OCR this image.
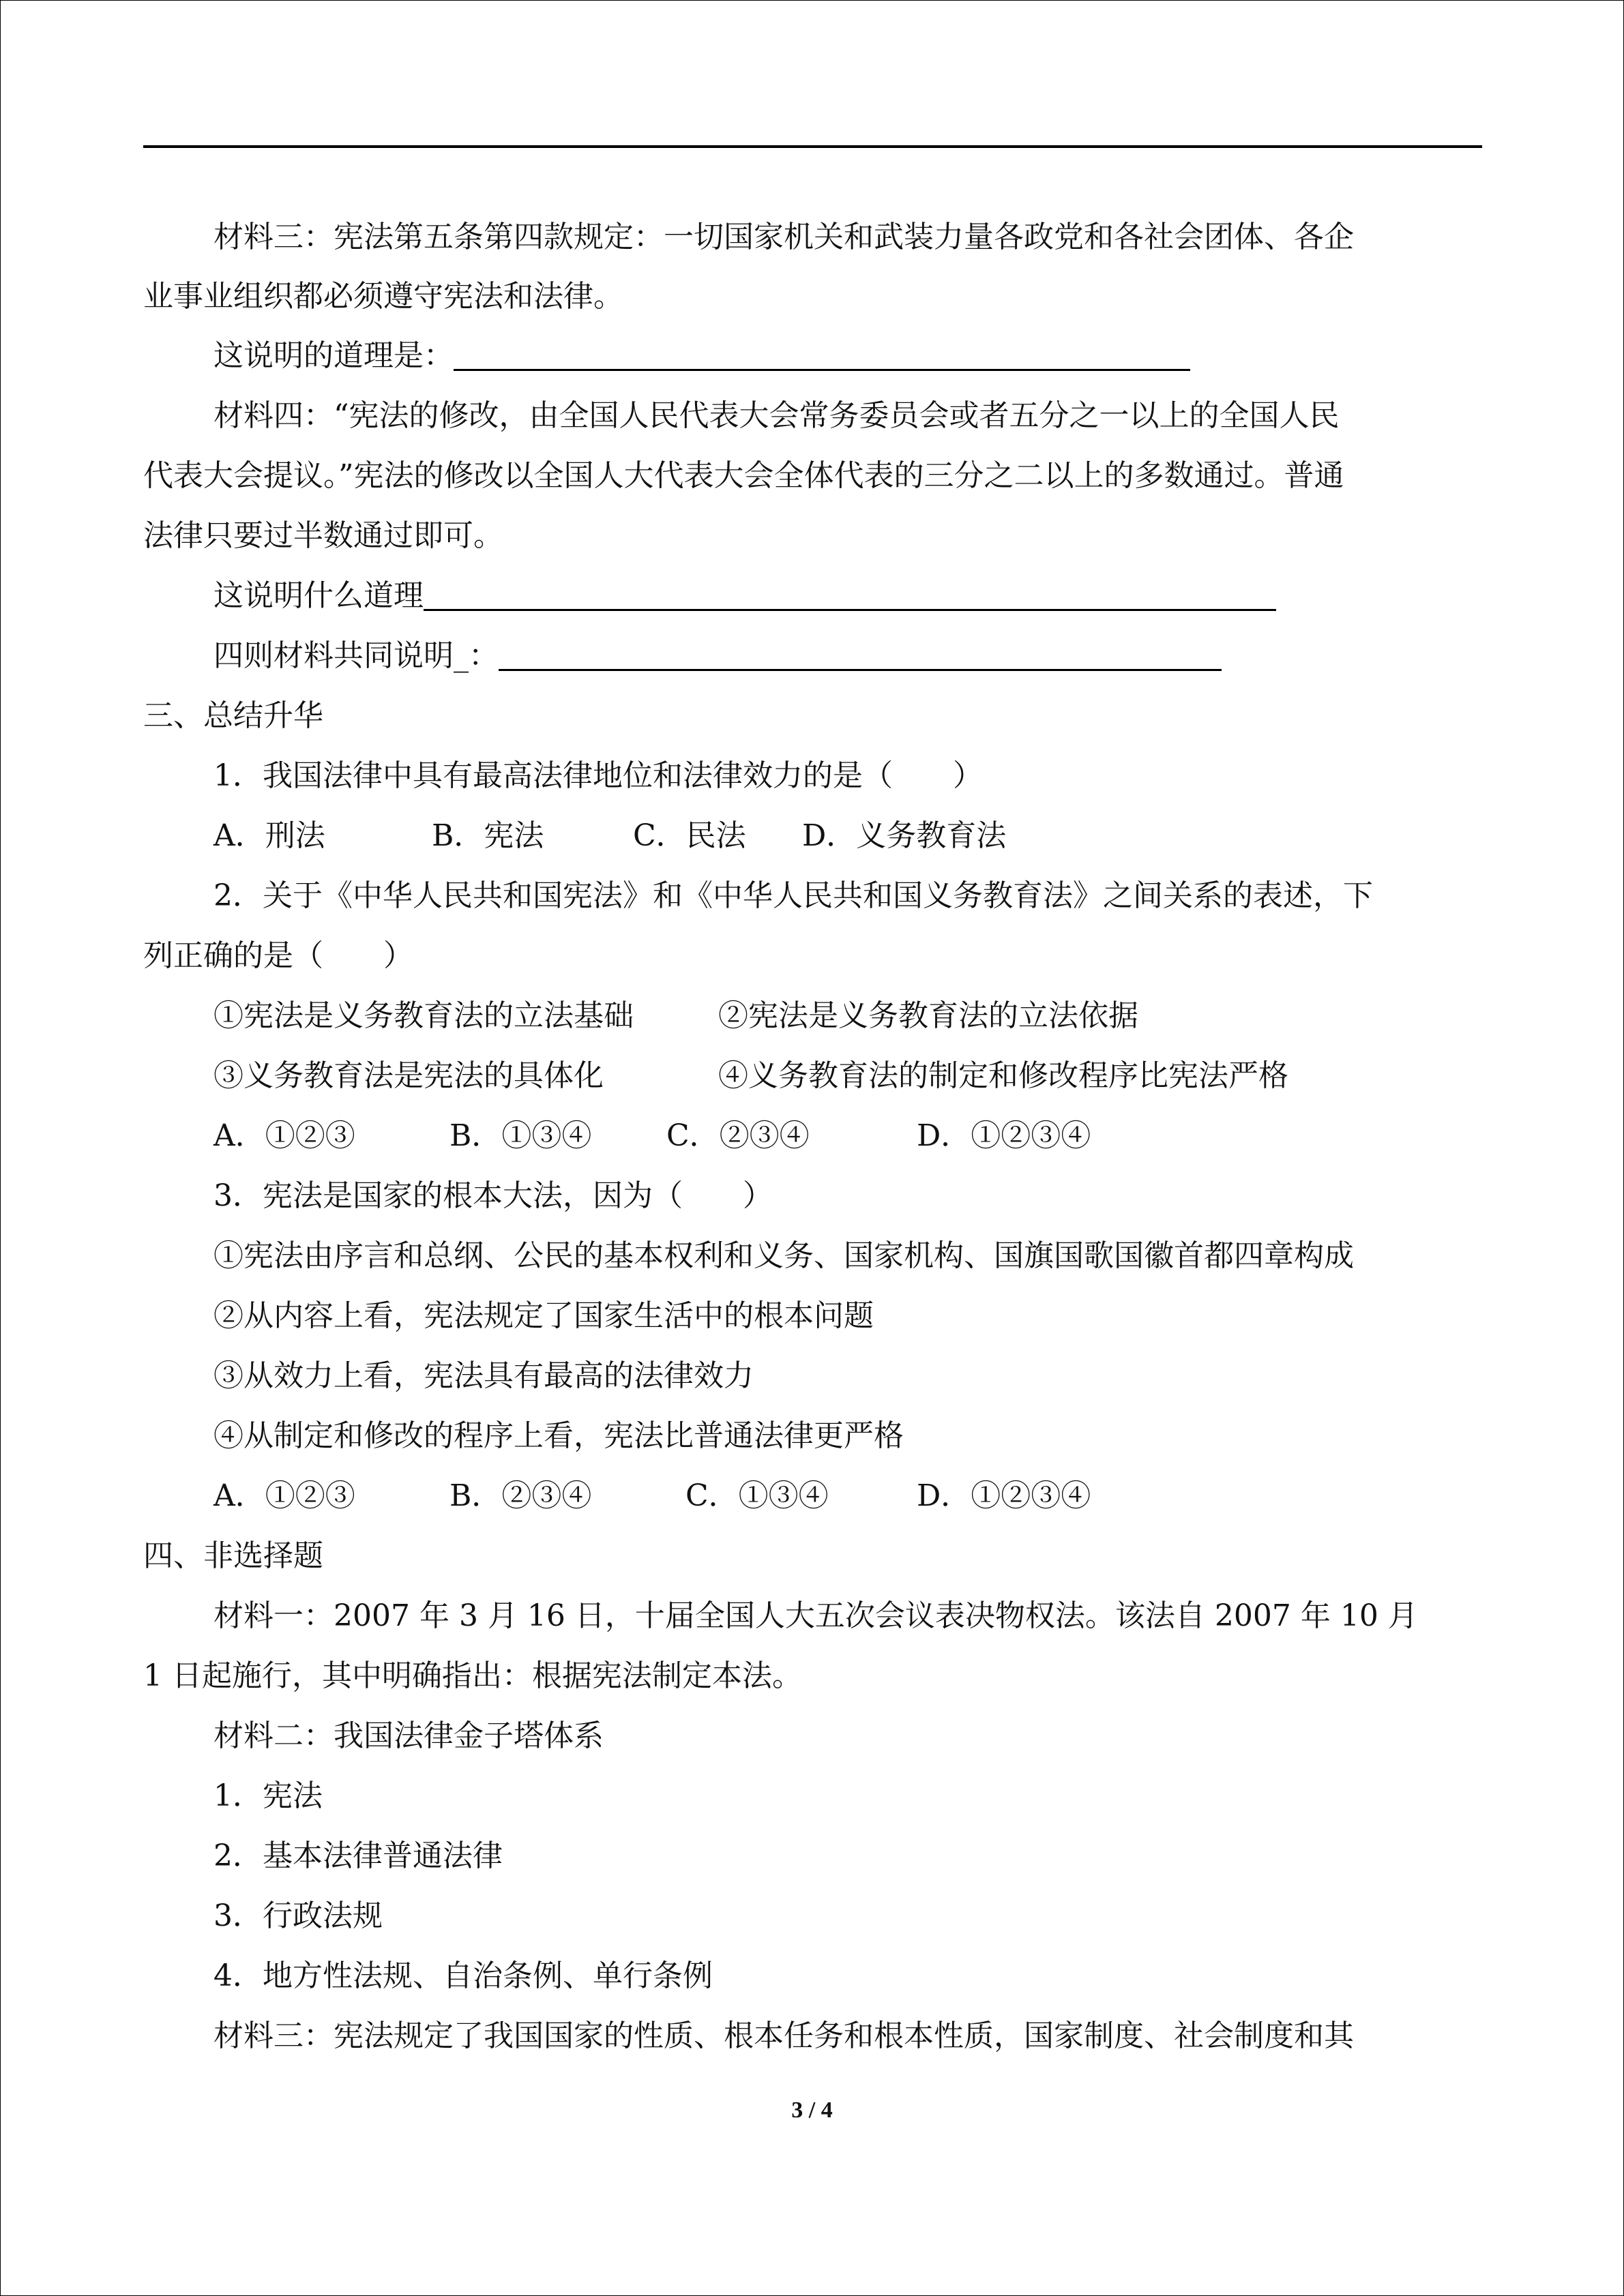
材料三：宪法第五条第四款规定：一切国家机关和武装力量各政党和各社会团体、各企
业事业组织都必须遵守宪法和法律。
这说明的道理是：
材料四：“宪法的修改，由全国人民代表大会常务委员会或者五分之一以上的全国人民
代表大会提议。”宪法的修改以全国人大代表大会全体代表的三分之二以上的多数通过。普通
法律只要过半数通过即可。
这说明什么道理
四则材料共同说明_：
三、总结升华
1．我国法律中具有最高法律地位和法律效力的是（　　）
A．刑法	B．宪法	C．民法 D．义务教育法
2．关于《中华人民共和国宪法》和《中华人民共和国义务教育法》之间关系的表述，下
列正确的是（　　）
①宪法是义务教育法的立法基础	②宪法是义务教育法的立法依据
③义务教育法是宪法的具体化	④义务教育法的制定和修改程序比宪法严格
A．①②③	B．①③④ C．②③④	D．①②③④
3．宪法是国家的根本大法，因为（　　）
①宪法由序言和总纲、公民的基本权利和义务、国家机构、国旗国歌国徽首都四章构成
②从内容上看，宪法规定了国家生活中的根本问题
③从效力上看，宪法具有最高的法律效力
④从制定和修改的程序上看，宪法比普通法律更严格
A．①②③	B．②③④	C．①③④	D．①②③④
四、非选择题
材料一：2007 年 3 月 16 日，十届全国人大五次会议表决物权法。该法自 2007 年 10 月
1 日起施行，其中明确指出：根据宪法制定本法。
材料二：我国法律金子塔体系
1．宪法
2．基本法律普通法律
3．行政法规
4．地方性法规、自治条例、单行条例
材料三：宪法规定了我国国家的性质、根本任务和根本性质，国家制度、社会制度和其
3 / 4
